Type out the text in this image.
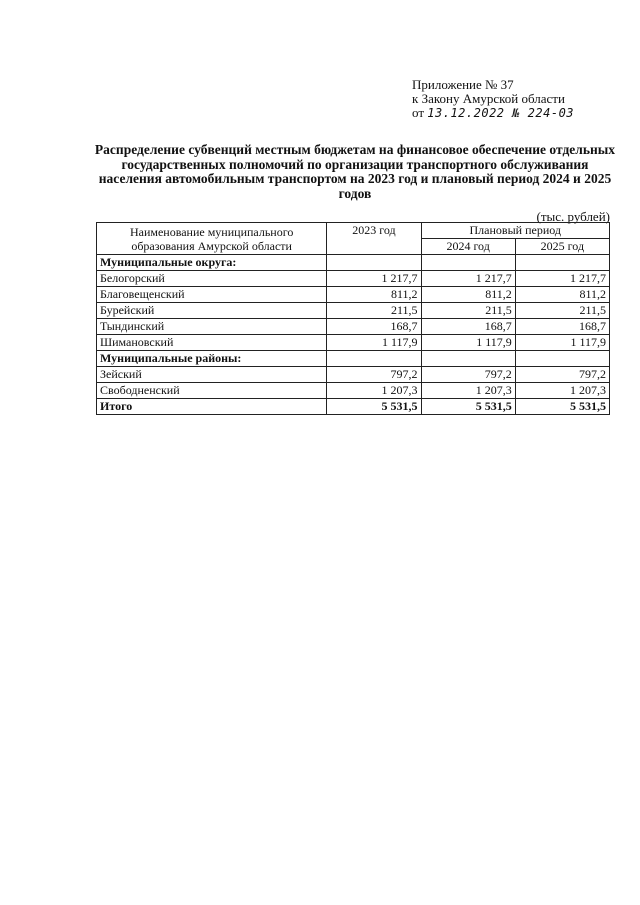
Приложение № 37
к Закону Амурской области
от 13.12.2022 № 224-03
Распределение субвенций местным бюджетам на финансовое обеспечение отдельных государственных полномочий по организации транспортного обслуживания населения автомобильным транспортом на 2023 год и плановый период 2024 и 2025 годов
(тыс. рублей)
Наименование муниципального образования Амурской области	2023 год	Плановый период	
		2024 год	2025 год
Муниципальные округа:			
Белогорский	1 217,7	1 217,7	1 217,7
Благовещенский	811,2	811,2	811,2
Бурейский	211,5	211,5	211,5
Тындинский	168,7	168,7	168,7
Шимановский	1 117,9	1 117,9	1 117,9
Муниципальные районы:			
Зейский	797,2	797,2	797,2
Свободненский	1 207,3	1 207,3	1 207,3
Итого	5 531,5	5 531,5	5 531,5
